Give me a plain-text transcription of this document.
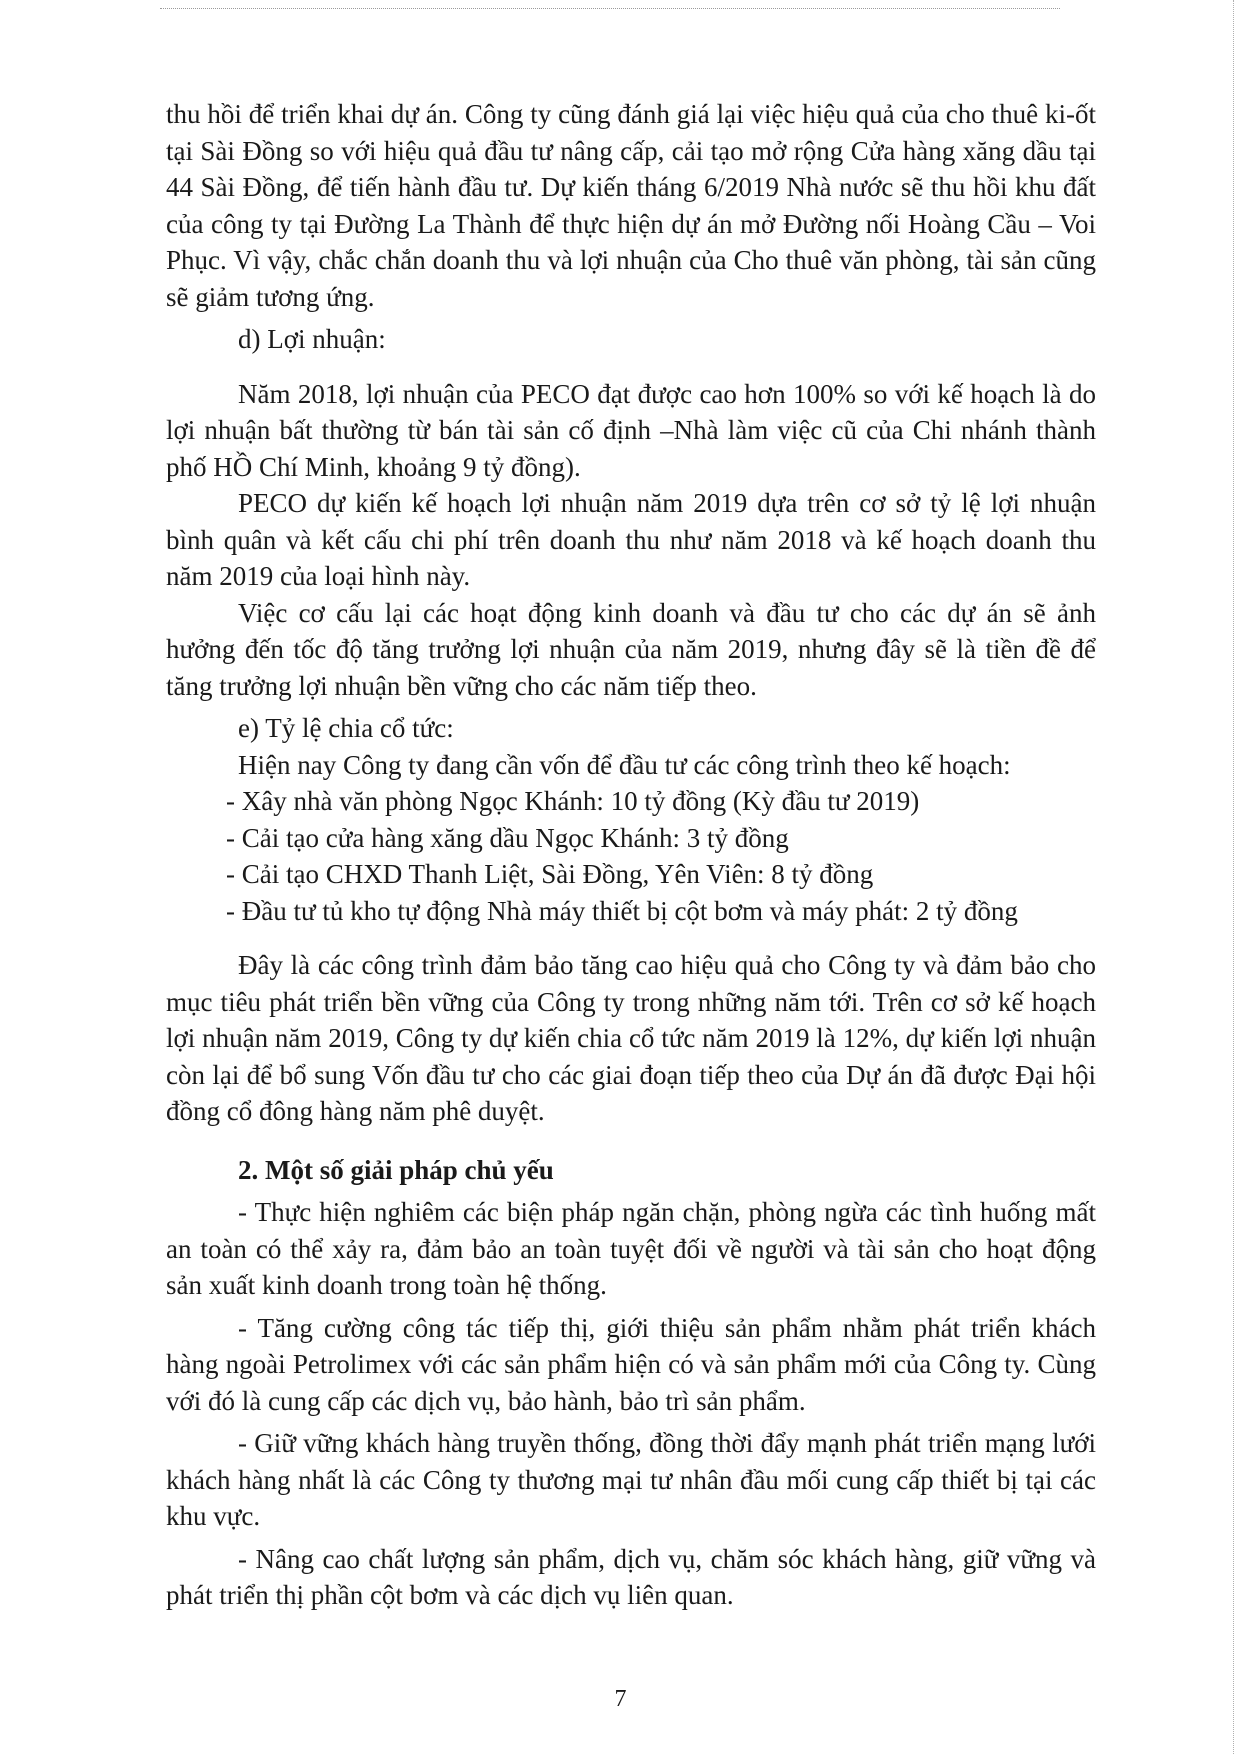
thu hồi để triển khai dự án. Công ty cũng đánh giá lại việc hiệu quả của cho thuê ki-ốt tại Sài Đồng so với hiệu quả đầu tư nâng cấp, cải tạo mở rộng Cửa hàng xăng dầu tại 44 Sài Đồng, để tiến hành đầu tư. Dự kiến tháng 6/2019 Nhà nước sẽ thu hồi khu đất của công ty tại Đường La Thành để thực hiện dự án mở Đường nối Hoàng Cầu – Voi Phục. Vì vậy, chắc chắn doanh thu và lợi nhuận của Cho thuê văn phòng, tài sản cũng sẽ giảm tương ứng.

d) Lợi nhuận:

Năm 2018, lợi nhuận của PECO đạt được cao hơn 100% so với kế hoạch là do lợi nhuận bất thường từ bán tài sản cố định –Nhà làm việc cũ của Chi nhánh thành phố HỒ Chí Minh, khoảng 9 tỷ đồng).

PECO dự kiến kế hoạch lợi nhuận năm 2019 dựa trên cơ sở tỷ lệ lợi nhuận bình quân và kết cấu chi phí trên doanh thu như năm 2018 và kế hoạch doanh thu năm 2019 của loại hình này.

Việc cơ cấu lại các hoạt động kinh doanh và đầu tư cho các dự án sẽ ảnh hưởng đến tốc độ tăng trưởng lợi nhuận của năm 2019, nhưng đây sẽ là tiền đề để tăng trưởng lợi nhuận bền vững cho các năm tiếp theo.

e) Tỷ lệ chia cổ tức:

Hiện nay Công ty đang cần vốn để đầu tư các công trình theo kế hoạch:

- Xây nhà văn phòng Ngọc Khánh: 10 tỷ đồng (Kỳ đầu tư 2019)

- Cải tạo cửa hàng xăng dầu Ngọc Khánh: 3 tỷ đồng

- Cải tạo CHXD Thanh Liệt, Sài Đồng, Yên Viên: 8 tỷ đồng

- Đầu tư tủ kho tự động Nhà máy thiết bị cột bơm và máy phát: 2 tỷ đồng

Đây là các công trình đảm bảo tăng cao hiệu quả cho Công ty và đảm bảo cho mục tiêu phát triển bền vững của Công ty trong những năm tới. Trên cơ sở kế hoạch lợi nhuận năm 2019, Công ty dự kiến chia cổ tức năm 2019 là 12%, dự kiến lợi nhuận còn lại để bổ sung Vốn đầu tư cho các giai đoạn tiếp theo của Dự án đã được Đại hội đồng cổ đông hàng năm phê duyệt.

2. Một số giải pháp chủ yếu

- Thực hiện nghiêm các biện pháp ngăn chặn, phòng ngừa các tình huống mất an toàn có thể xảy ra, đảm bảo an toàn tuyệt đối về người và tài sản cho hoạt động sản xuất kinh doanh trong toàn hệ thống.

- Tăng cường công tác tiếp thị, giới thiệu sản phẩm nhằm phát triển khách hàng ngoài Petrolimex với các sản phẩm hiện có và sản phẩm mới của Công ty. Cùng với đó là cung cấp các dịch vụ, bảo hành, bảo trì sản phẩm.

- Giữ vững khách hàng truyền thống, đồng thời đẩy mạnh phát triển mạng lưới khách hàng nhất là các Công ty thương mại tư nhân đầu mối cung cấp thiết bị tại các khu vực.

- Nâng cao chất lượng sản phẩm, dịch vụ, chăm sóc khách hàng, giữ vững và phát triển thị phần cột bơm và các dịch vụ liên quan.

7
